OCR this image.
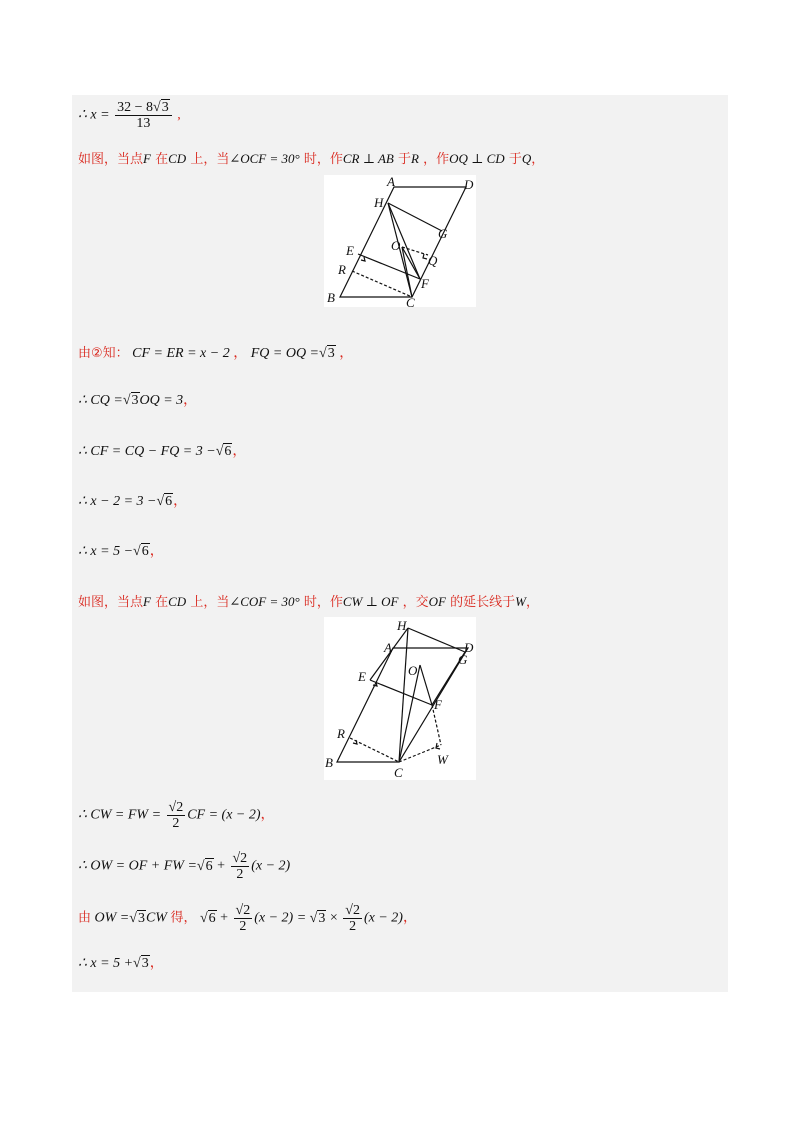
∴ $x = \frac{32 - 8√3}{13}$ ,
如图，当点F 在CD 上，当∠OCF = 30° 时，作CR ⊥ AB 于R ，作OQ ⊥ CD 于Q，
A	D
H
G
O
Q
E
R
F
B	C
由②知： CF = ER = x − 2 ， FQ = OQ =√3 ，
∴ CQ =√3OQ = 3，
∴ CF = CQ − FQ = 3 −√6，
∴ x − 2 = 3 −√6，
∴ x = 5 −√6，
如图，当点F 在CD 上，当∠COF = 30° 时，作CW ⊥ OF ，交OF 的延长线于W，
H
A	D
G
O
E
F
R
B
C
W
∴ CW = FW = $\frac{√2}{2}$ CF = (x − 2)，
∴ OW = OF + FW $=√6 + \frac{√2}{2} (x - 2)$
由 OW =√3CW 得， $√6 + \frac{√2}{2} (x - 2) = √3 \times \frac{√2}{2} (x - 2)$，
∴ x = 5 +√3，
